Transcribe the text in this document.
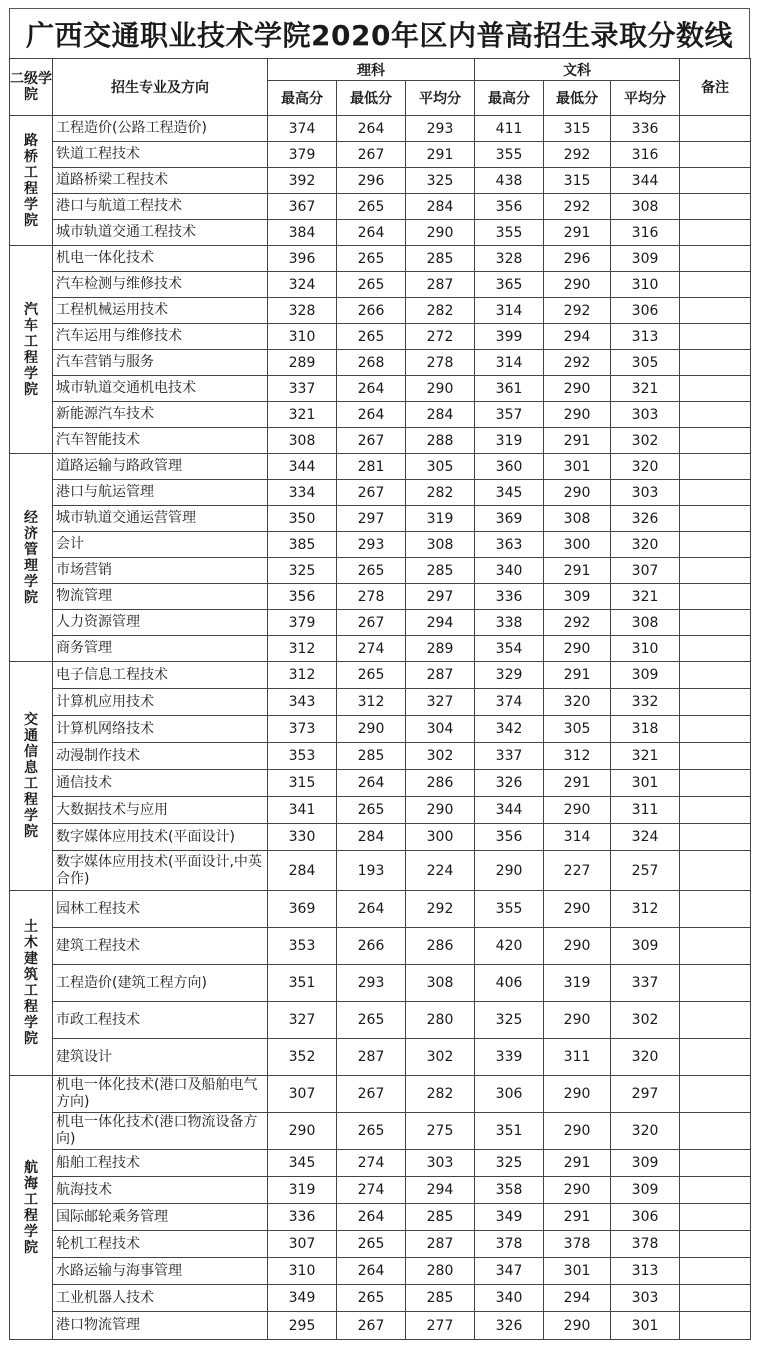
广西交通职业技术学院2020年区内普高招生录取分数线
二级学院	招生专业及方向	理科			文科			备注
		最高分	最低分	平均分	最高分	最低分	平均分	

路桥工程学院	工程造价(公路工程造价)	374	264	293	411	315	336	
	铁道工程技术	379	267	291	355	292	316	
	道路桥梁工程技术	392	296	325	438	315	344	
	港口与航道工程技术	367	265	284	356	292	308	
	城市轨道交通工程技术	384	264	290	355	291	316	

汽车工程学院	机电一体化技术	396	265	285	328	296	309	
	汽车检测与维修技术	324	265	287	365	290	310	
	工程机械运用技术	328	266	282	314	292	306	
	汽车运用与维修技术	310	265	272	399	294	313	
	汽车营销与服务	289	268	278	314	292	305	
	城市轨道交通机电技术	337	264	290	361	290	321	
	新能源汽车技术	321	264	284	357	290	303	
	汽车智能技术	308	267	288	319	291	302	

经济管理学院	道路运输与路政管理	344	281	305	360	301	320	
	港口与航运管理	334	267	282	345	290	303	
	城市轨道交通运营管理	350	297	319	369	308	326	
	会计	385	293	308	363	300	320	
	市场营销	325	265	285	340	291	307	
	物流管理	356	278	297	336	309	321	
	人力资源管理	379	267	294	338	292	308	
	商务管理	312	274	289	354	290	310	

交通信息工程学院	电子信息工程技术	312	265	287	329	291	309	
	计算机应用技术	343	312	327	374	320	332	
	计算机网络技术	373	290	304	342	305	318	
	动漫制作技术	353	285	302	337	312	321	
	通信技术	315	264	286	326	291	301	
	大数据技术与应用	341	265	290	344	290	311	
	数字媒体应用技术(平面设计)	330	284	300	356	314	324	
	数字媒体应用技术(平面设计,中英合作)	284	193	224	290	227	257	

土木建筑工程学院	园林工程技术	369	264	292	355	290	312	
	建筑工程技术	353	266	286	420	290	309	
	工程造价(建筑工程方向)	351	293	308	406	319	337	
	市政工程技术	327	265	280	325	290	302	
	建筑设计	352	287	302	339	311	320	

航海工程学院	机电一体化技术(港口及船舶电气方向)	307	267	282	306	290	297	
	机电一体化技术(港口物流设备方向)	290	265	275	351	290	320	
	船舶工程技术	345	274	303	325	291	309	
	航海技术	319	274	294	358	290	309	
	国际邮轮乘务管理	336	264	285	349	291	306	
	轮机工程技术	307	265	287	378	378	378	
	水路运输与海事管理	310	264	280	347	301	313	
	工业机器人技术	349	265	285	340	294	303	
	港口物流管理	295	267	277	326	290	301	
